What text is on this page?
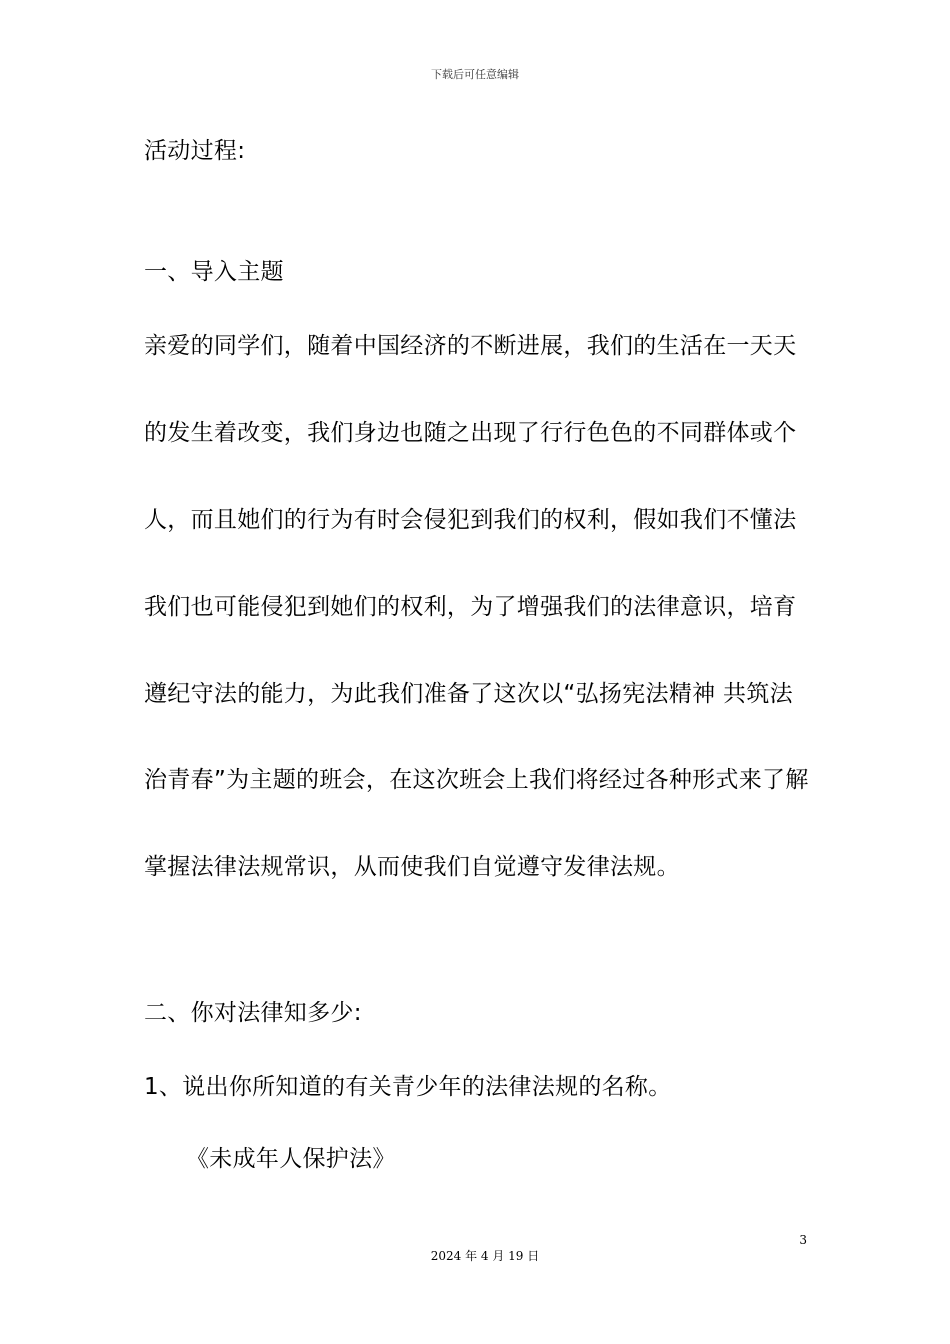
下载后可任意编辑
活动过程:
一、导入主题
亲爱的同学们，随着中国经济的不断进展，我们的生活在一天天
的发生着改变，我们身边也随之出现了行行色色的不同群体或个
人，而且她们的行为有时会侵犯到我们的权利，假如我们不懂法
我们也可能侵犯到她们的权利，为了增强我们的法律意识，培育
遵纪守法的能力，为此我们准备了这次以“弘扬宪法精神 共筑法
治青春”为主题的班会，在这次班会上我们将经过各种形式来了解
掌握法律法规常识，从而使我们自觉遵守发律法规。
二、你对法律知多少:
1、说出你所知道的有关青少年的法律法规的名称。
《未成年人保护法》
3
2024 年 4 月 19 日
